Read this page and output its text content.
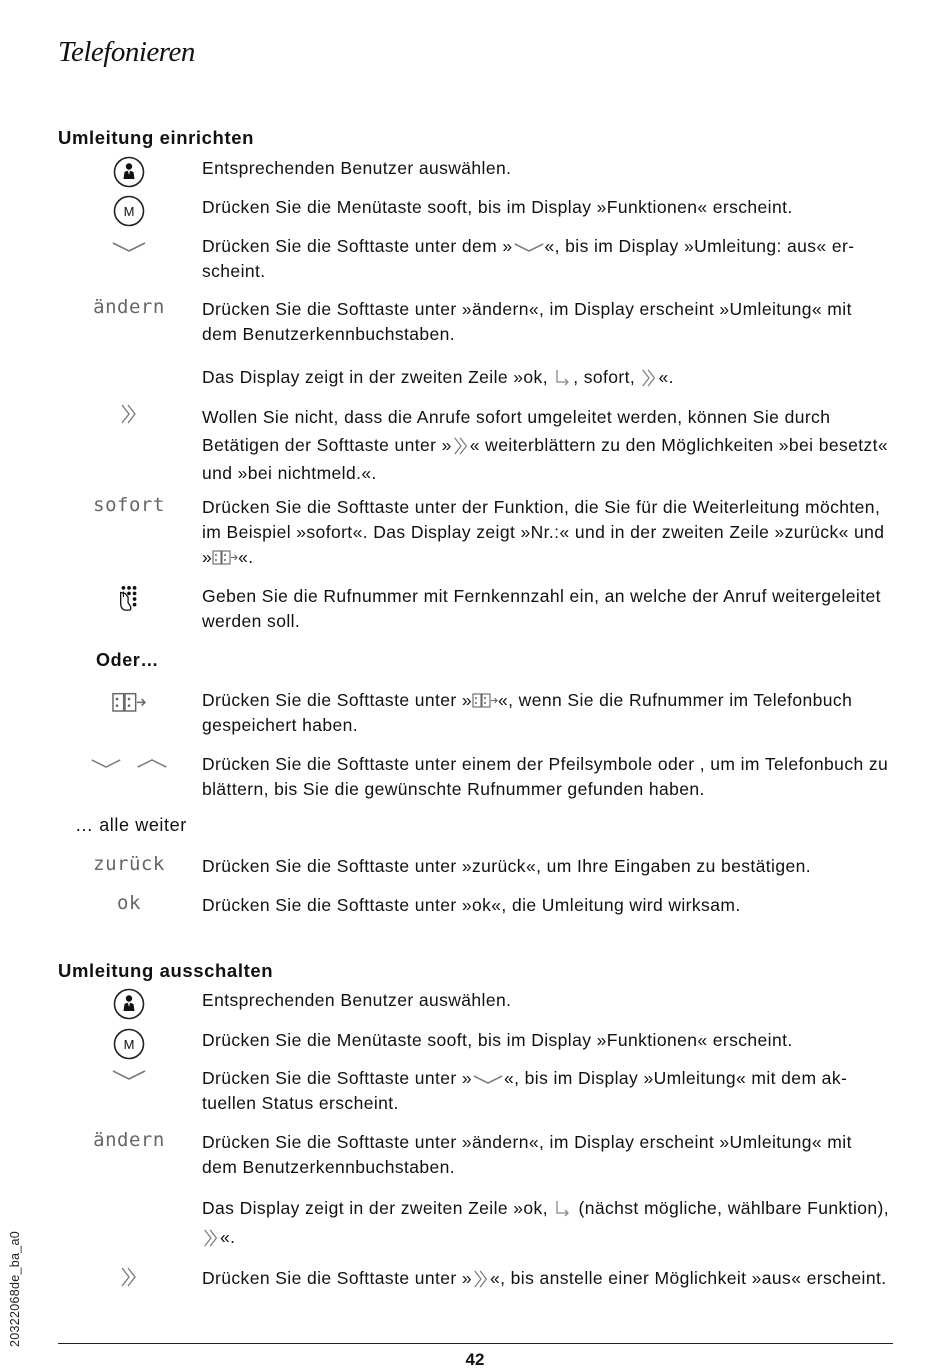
Telefonieren
Umleitung einrichten
Entsprechenden Benutzer auswählen.
Drücken Sie die Menütaste sooft, bis im Display »Funktionen« erscheint.
Drücken Sie die Softtaste unter dem » «, bis im Display »Umleitung: aus« erscheint.
ändern Drücken Sie die Softtaste unter »ändern«, im Display erscheint »Umleitung« mit dem Benutzerkennbuchstaben.
Das Display zeigt in der zweiten Zeile »ok, , sofort, «.
Wollen Sie nicht, dass die Anrufe sofort umgeleitet werden, können Sie durch Betätigen der Softtaste unter » « weiterblättern zu den Möglichkeiten »bei besetzt« und »bei nichtmeld.«.
sofort Drücken Sie die Softtaste unter der Funktion, die Sie für die Weiterleitung möchten, im Beispiel »sofort«. Das Display zeigt »Nr.:« und in der zweiten Zeile »zurück« und » «.
Geben Sie die Rufnummer mit Fernkennzahl ein, an welche der Anruf weitergeleitet werden soll.
Oder…
Drücken Sie die Softtaste unter » «, wenn Sie die Rufnummer im Telefonbuch gespeichert haben.
Drücken Sie die Softtaste unter einem der Pfeilsymbole oder , um im Telefonbuch zu blättern, bis Sie die gewünschte Rufnummer gefunden haben.
… alle weiter
zurück Drücken Sie die Softtaste unter »zurück«, um Ihre Eingaben zu bestätigen.
ok	Drücken Sie die Softtaste unter »ok«, die Umleitung wird wirksam.
Umleitung ausschalten
Entsprechenden Benutzer auswählen.
Drücken Sie die Menütaste sooft, bis im Display »Funktionen« erscheint.
Drücken Sie die Softtaste unter » «, bis im Display »Umleitung« mit dem aktuellen Status erscheint.
ändern Drücken Sie die Softtaste unter »ändern«, im Display erscheint »Umleitung« mit dem Benutzerkennbuchstaben.
Das Display zeigt in der zweiten Zeile »ok,  (nächst mögliche, wählbare Funktion), «.
Drücken Sie die Softtaste unter » «, bis anstelle einer Möglichkeit »aus« erscheint.
20322068de_ba_a0
42
